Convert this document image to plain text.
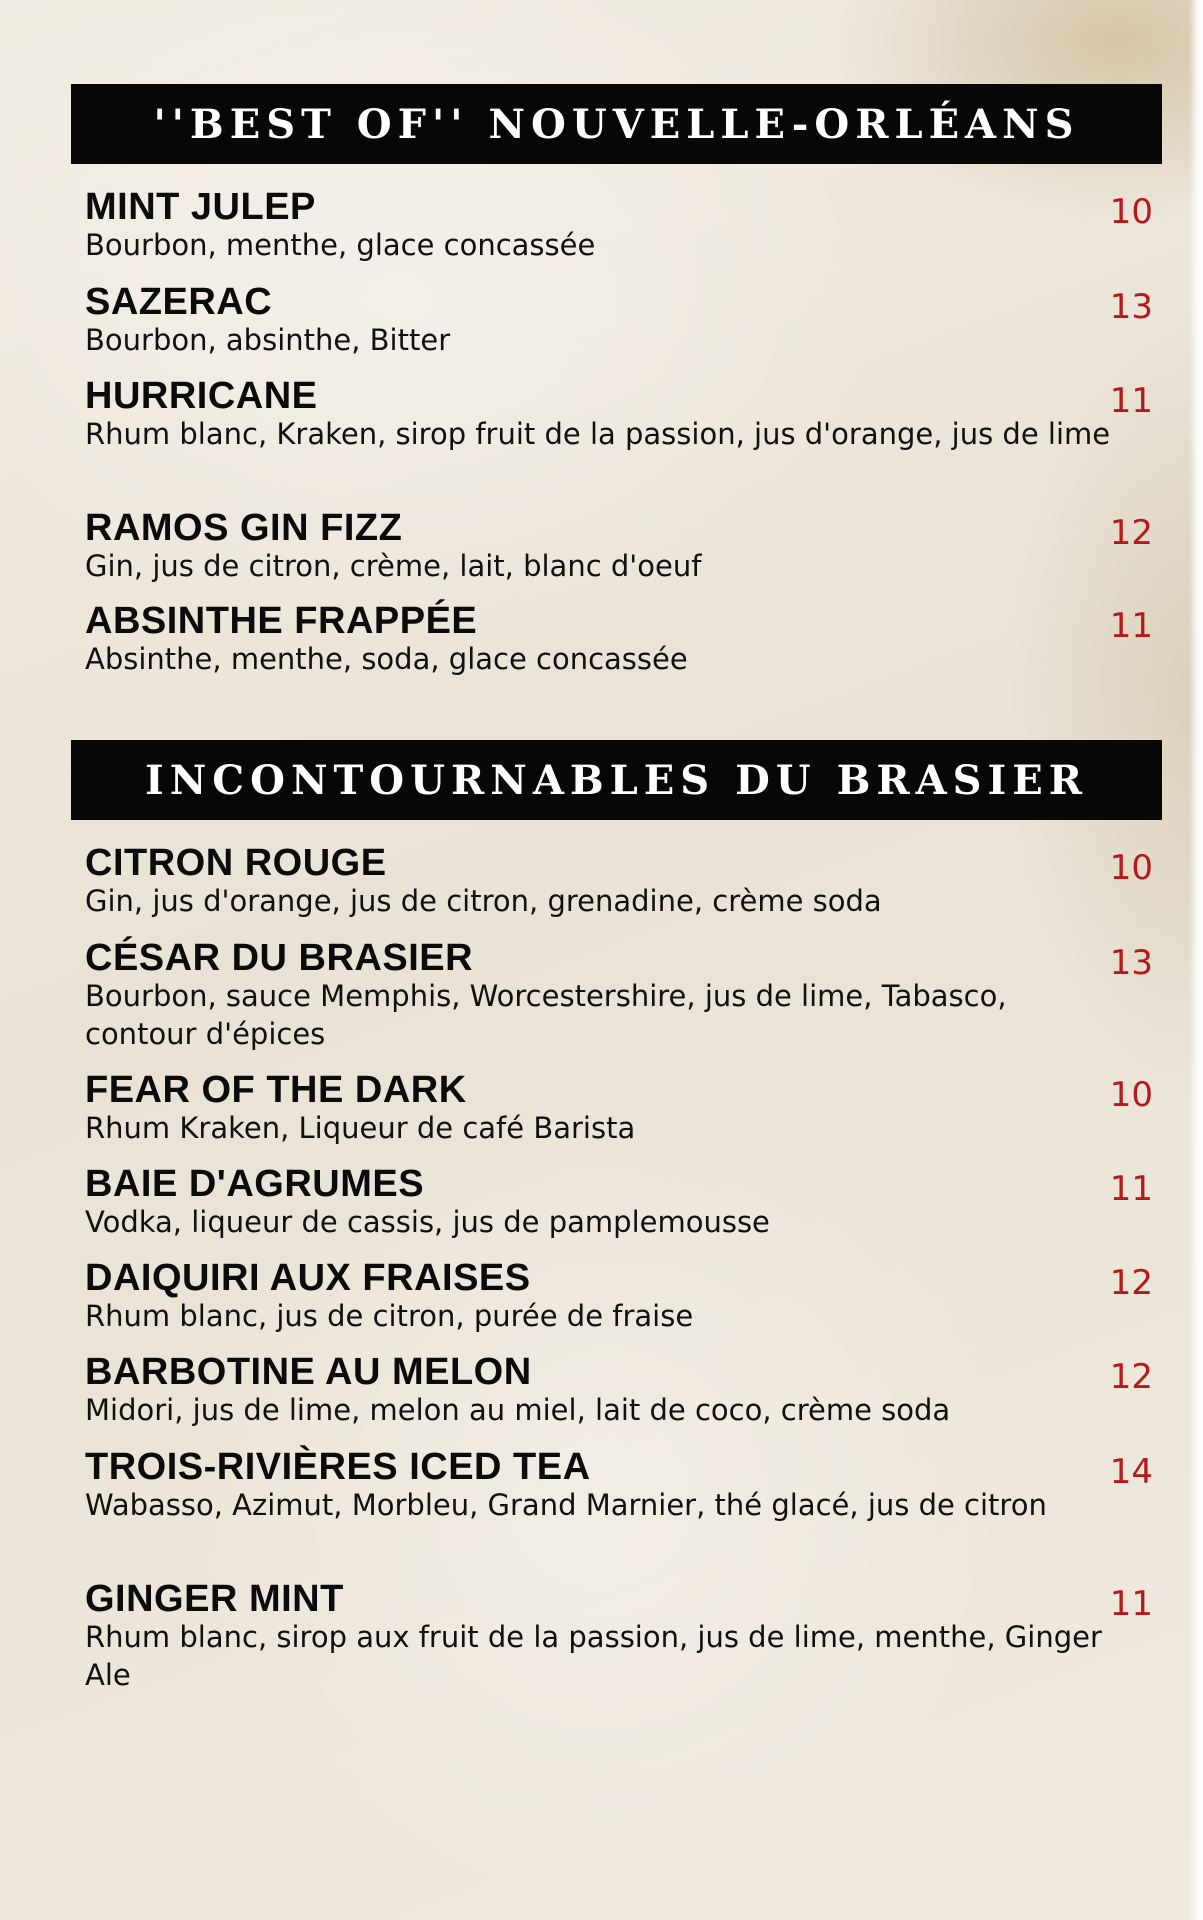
''BEST OF'' NOUVELLE-ORLÉANS
MINT JULEP
Bourbon, menthe, glace concassée
10
SAZERAC
Bourbon, absinthe, Bitter
13
HURRICANE
Rhum blanc, Kraken, sirop fruit de la passion, jus d'orange, jus de lime
11
RAMOS GIN FIZZ
Gin, jus de citron, crème, lait, blanc d'oeuf
12
ABSINTHE FRAPPÉE
Absinthe, menthe, soda, glace concassée
11
INCONTOURNABLES DU BRASIER
CITRON ROUGE
Gin, jus d'orange, jus de citron, grenadine, crème soda
10
CÉSAR DU BRASIER
Bourbon, sauce Memphis, Worcestershire, jus de lime, Tabasco, contour d'épices
13
FEAR OF THE DARK
Rhum Kraken, Liqueur de café Barista
10
BAIE D'AGRUMES
Vodka, liqueur de cassis, jus de pamplemousse
11
DAIQUIRI AUX FRAISES
Rhum blanc, jus de citron, purée de fraise
12
BARBOTINE AU MELON
Midori, jus de lime, melon au miel, lait de coco, crème soda
12
TROIS-RIVIÈRES ICED TEA
Wabasso, Azimut, Morbleu, Grand Marnier, thé glacé, jus de citron
14
GINGER MINT
Rhum blanc, sirop aux fruit de la passion, jus de lime, menthe, Ginger Ale
11
